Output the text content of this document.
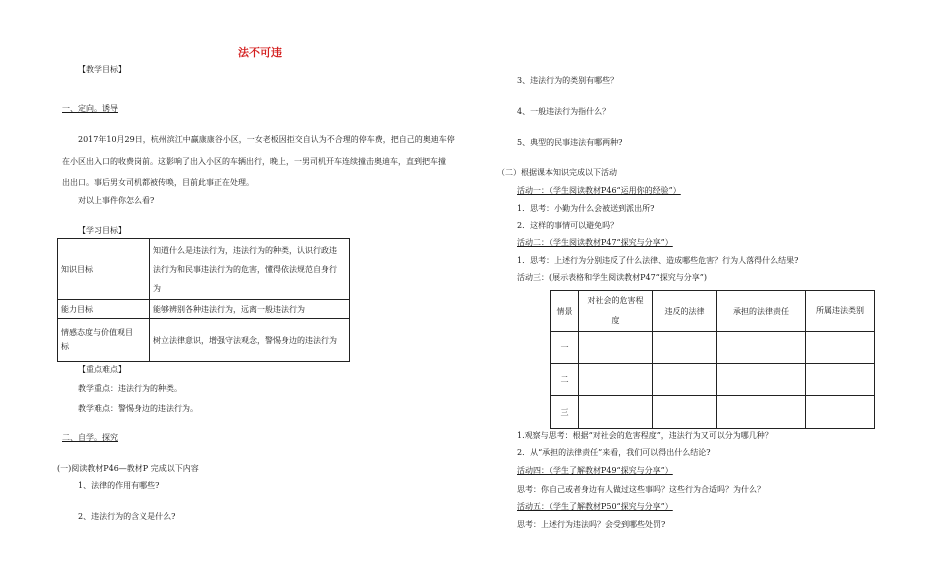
法不可违
【教学目标】
一、定向。诱导
2017年10月29日，杭州滨江中赢康康谷小区，一女老板因拒交自认为不合理的停车费，把自己的奥迪车停
在小区出入口的收费岗前。这影响了出入小区的车辆出行，晚上，一男司机开车连续撞击奥迪车，直到把车撞
出出口。事后男女司机都被传唤，目前此事正在处理。
对以上事件你怎么看?
【学习目标】
知识目标	知道什么是违法行为，违法行为的种类，认识行政违
法行为和民事违法行为的危害，懂得依法规范自身行
为

能力目标	能够辨别各种违法行为，远离一般违法行为

情感态度与价值观目
标	树立法律意识，增强守法观念，警惕身边的违法行为
【重点难点】
教学重点：违法行为的种类。
教学难点：警惕身边的违法行为。
二、自学。探究
(一)阅读教材P46—教材P 完成以下内容
1、法律的作用有哪些?
2、违法行为的含义是什么?
3、违法行为的类别有哪些？
4、一般违法行为指什么？
5、典型的民事违法有哪两种?
（二）根据课本知识完成以下活动
活动一：（学生阅读教材P46“运用你的经验”）
1．思考：小勤为什么会被送到派出所?
2．这样的事情可以避免吗？
活动二：（学生阅读教材P47“探究与分享”）
1．思考：上述行为分别违反了什么法律、造成哪些危害？行为人落得什么结果?
活动三：(展示表格和学生阅读教材P47“探究与分享”)
情景	对社会的危害程度	违反的法律	承担的法律责任	所属违法类别
一				
二				
三				
1.观察与思考：根据“对社会的危害程度”，违法行为又可以分为哪几种？
2．从“承担的法律责任”来看，我们可以得出什么结论?
活动四：（学生了解教材P49“探究与分享”）
思考：你自己或者身边有人做过这些事吗？这些行为合适吗？为什么？
活动五：（学生了解教材P50“探究与分享”）
思考：上述行为违法吗？会受到哪些处罚?
